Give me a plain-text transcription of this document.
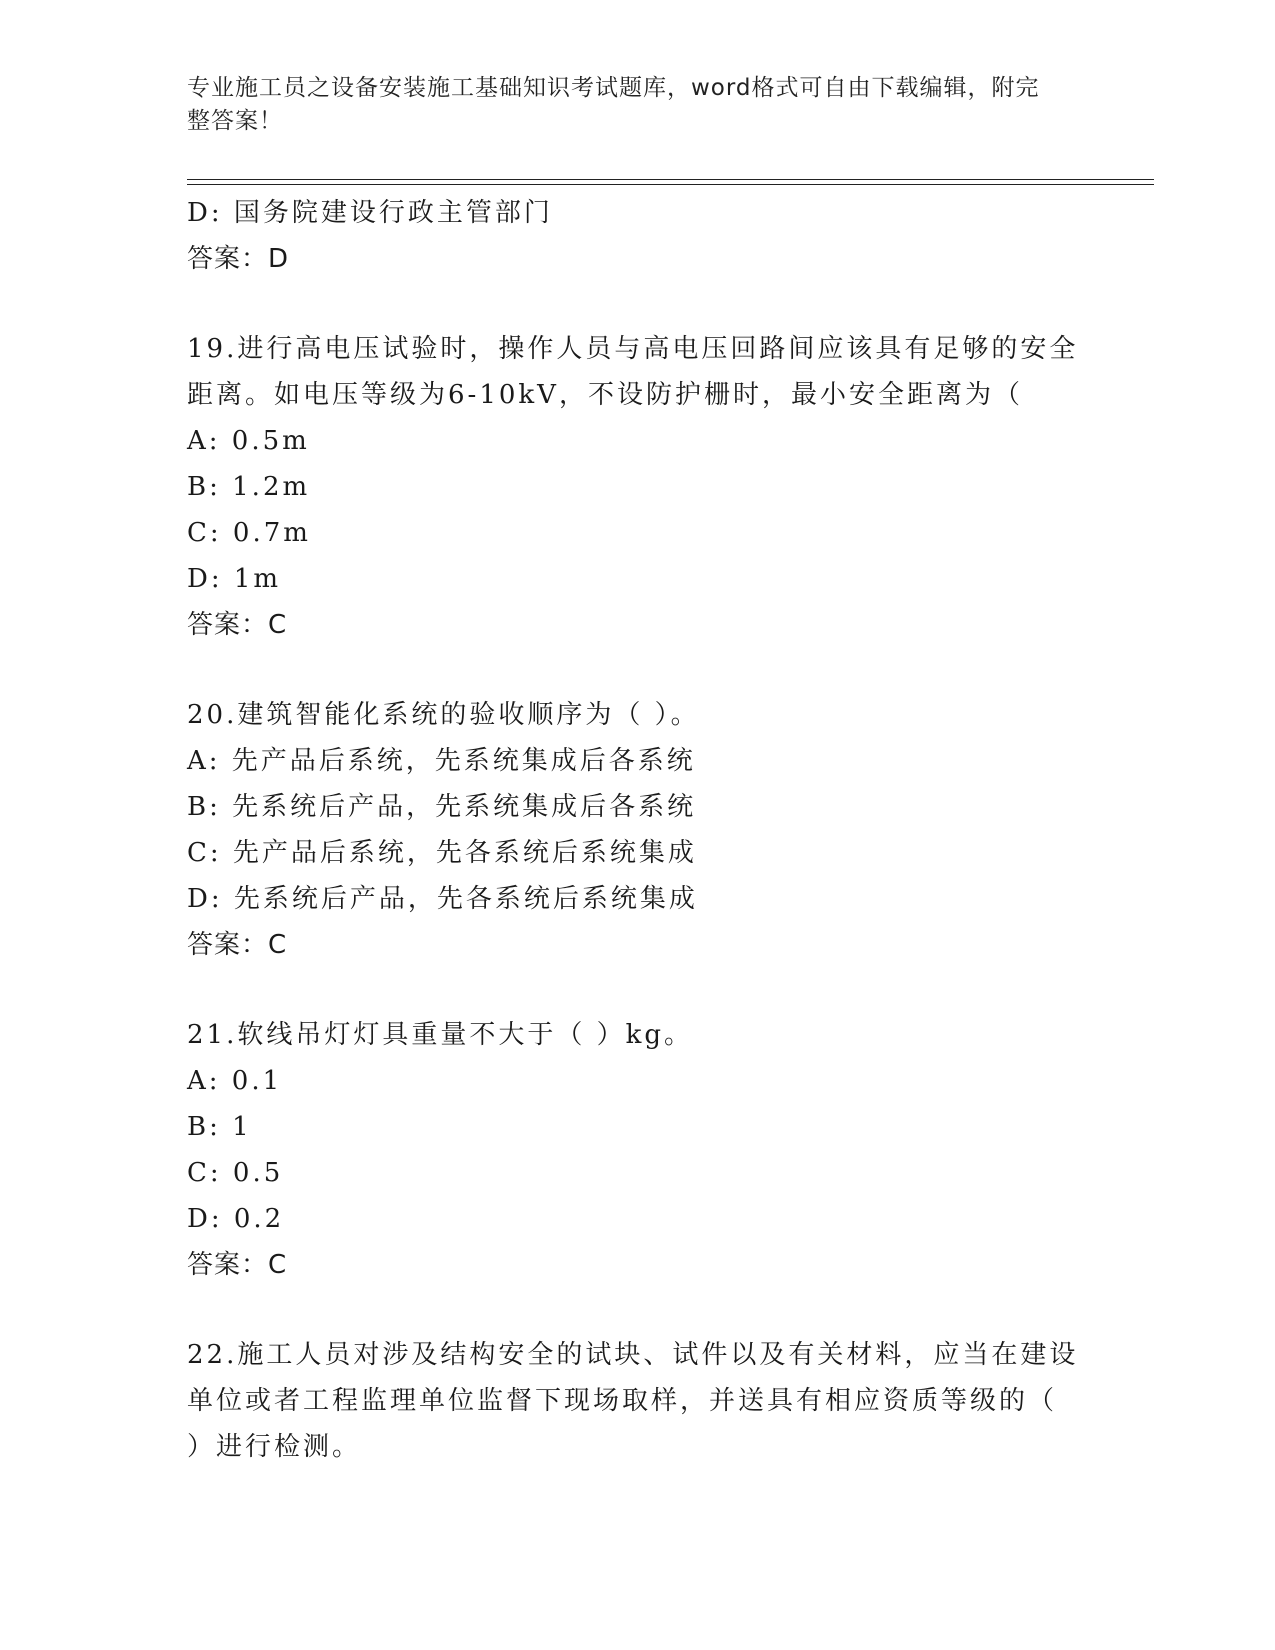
专业施工员之设备安装施工基础知识考试题库，word格式可自由下载编辑，附完
整答案！
D: 国务院建设行政主管部门
答案：D
19.进行高电压试验时，操作人员与高电压回路间应该具有足够的安全
距离。如电压等级为6-10kV，不设防护栅时，最小安全距离为（
A: 0.5m
B: 1.2m
C: 0.7m
D: 1m
答案：C
20.建筑智能化系统的验收顺序为（ ）。
A: 先产品后系统，先系统集成后各系统
B: 先系统后产品，先系统集成后各系统
C: 先产品后系统，先各系统后系统集成
D: 先系统后产品，先各系统后系统集成
答案：C
21.软线吊灯灯具重量不大于（ ）kg。
A: 0.1
B: 1
C: 0.5
D: 0.2
答案：C
22.施工人员对涉及结构安全的试块、试件以及有关材料，应当在建设
单位或者工程监理单位监督下现场取样，并送具有相应资质等级的（
）进行检测。
